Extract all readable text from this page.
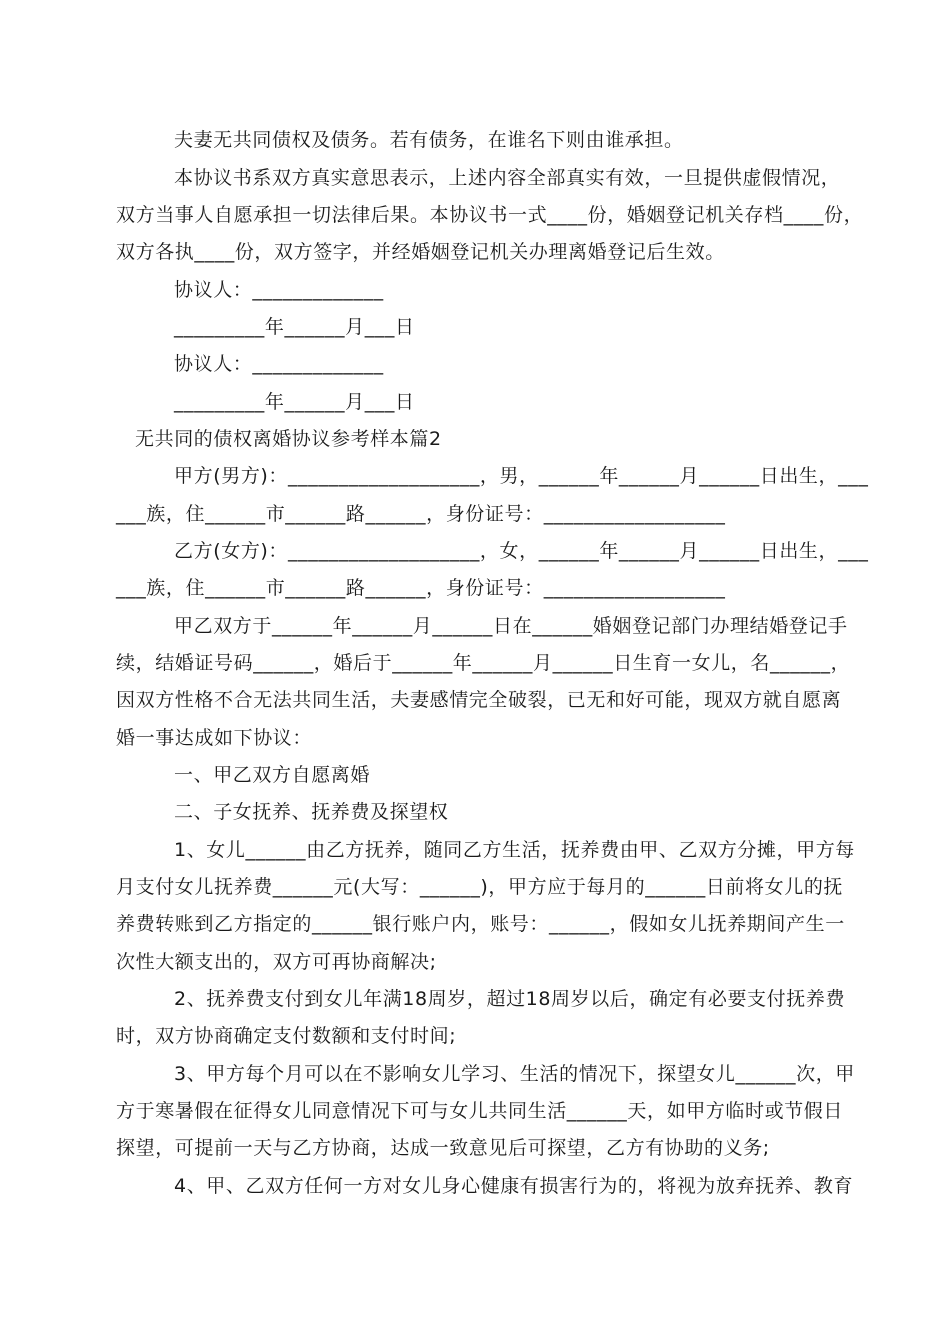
夫妻无共同债权及债务。若有债务，在谁名下则由谁承担。
本协议书系双方真实意思表示，上述内容全部真实有效，一旦提供虚假情况，
双方当事人自愿承担一切法律后果。本协议书一式____份，婚姻登记机关存档____份，
双方各执____份，双方签字，并经婚姻登记机关办理离婚登记后生效。
协议人：_____________
_________年______月___日
协议人：_____________
_________年______月___日
无共同的债权离婚协议参考样本篇2
甲方(男方)：___________________，男，______年______月______日出生，___
___族，住______市______路______，身份证号：__________________
乙方(女方)：___________________，女，______年______月______日出生，___
___族，住______市______路______，身份证号：__________________
甲乙双方于______年______月______日在______婚姻登记部门办理结婚登记手
续，结婚证号码______，婚后于______年______月______日生育一女儿，名______，
因双方性格不合无法共同生活，夫妻感情完全破裂，已无和好可能，现双方就自愿离
婚一事达成如下协议：
一、甲乙双方自愿离婚
二、子女抚养、抚养费及探望权
1、女儿______由乙方抚养，随同乙方生活，抚养费由甲、乙双方分摊，甲方每
月支付女儿抚养费______元(大写：______)，甲方应于每月的______日前将女儿的抚
养费转账到乙方指定的______银行账户内，账号：______，假如女儿抚养期间产生一
次性大额支出的，双方可再协商解决;
2、抚养费支付到女儿年满18周岁，超过18周岁以后，确定有必要支付抚养费
时，双方协商确定支付数额和支付时间;
3、甲方每个月可以在不影响女儿学习、生活的情况下，探望女儿______次，甲
方于寒暑假在征得女儿同意情况下可与女儿共同生活______天，如甲方临时或节假日
探望，可提前一天与乙方协商，达成一致意见后可探望，乙方有协助的义务;
4、甲、乙双方任何一方对女儿身心健康有损害行为的，将视为放弃抚养、教育
